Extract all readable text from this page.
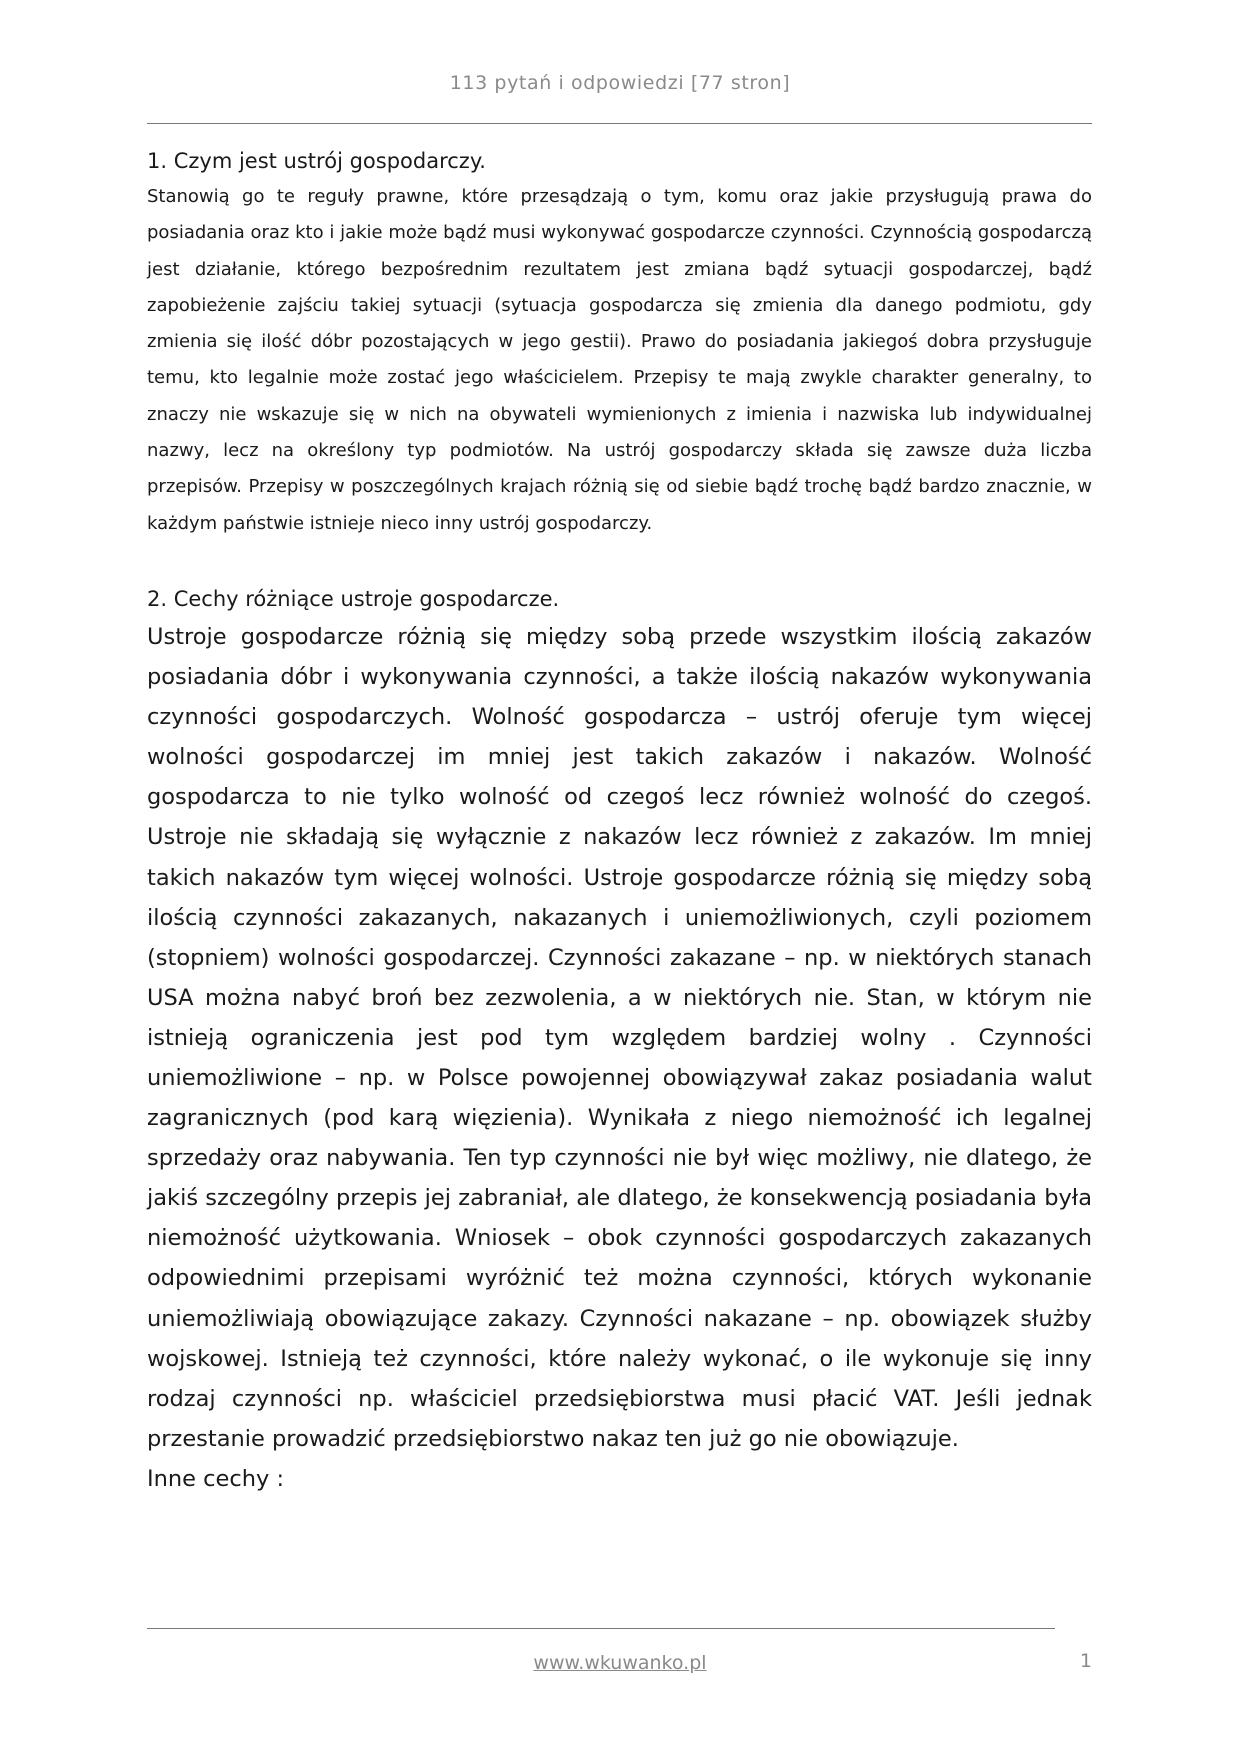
113 pytań i odpowiedzi [77 stron]
1. Czym jest ustrój gospodarczy.

Stanowią go te reguły prawne, które przesądzają o tym, komu oraz jakie przysługują prawa do posiadania oraz kto i jakie może bądź musi wykonywać gospodarcze czynności. Czynnością gospodarczą jest działanie, którego bezpośrednim rezultatem jest zmiana bądź sytuacji gospodarczej, bądź zapobieżenie zajściu takiej sytuacji (sytuacja gospodarcza się zmienia dla danego podmiotu, gdy zmienia się ilość dóbr pozostających w jego gestii). Prawo do posiadania jakiegoś dobra przysługuje temu, kto legalnie może zostać jego właścicielem. Przepisy te mają zwykle charakter generalny, to znaczy nie wskazuje się w nich na obywateli wymienionych z imienia i nazwiska lub indywidualnej nazwy, lecz na określony typ podmiotów. Na ustrój gospodarczy składa się zawsze duża liczba przepisów. Przepisy w poszczególnych krajach różnią się od siebie bądź trochę bądź bardzo znacznie, w każdym państwie istnieje nieco inny ustrój gospodarczy.

2. Cechy różniące ustroje gospodarcze.

Ustroje gospodarcze różnią się między sobą przede wszystkim ilością zakazów posiadania dóbr i wykonywania czynności, a także ilością nakazów wykonywania czynności gospodarczych. Wolność gospodarcza – ustrój oferuje tym więcej wolności gospodarczej im mniej jest takich zakazów i nakazów. Wolność gospodarcza to nie tylko wolność od czegoś lecz również wolność do czegoś. Ustroje nie składają się wyłącznie z nakazów lecz również z zakazów. Im mniej takich nakazów tym więcej wolności. Ustroje gospodarcze różnią się między sobą ilością czynności zakazanych, nakazanych i uniemożliwionych, czyli poziomem (stopniem) wolności gospodarczej. Czynności zakazane – np. w niektórych stanach USA można nabyć broń bez zezwolenia, a w niektórych nie. Stan, w którym nie istnieją ograniczenia jest pod tym względem bardziej wolny . Czynności uniemożliwione – np. w Polsce powojennej obowiązywał zakaz posiadania walut zagranicznych (pod karą więzienia). Wynikała z niego niemożność ich legalnej sprzedaży oraz nabywania. Ten typ czynności nie był więc możliwy, nie dlatego, że jakiś szczególny przepis jej zabraniał, ale dlatego, że konsekwencją posiadania była niemożność użytkowania. Wniosek – obok czynności gospodarczych zakazanych odpowiednimi przepisami wyróżnić też można czynności, których wykonanie uniemożliwiają obowiązujące zakazy. Czynności nakazane – np. obowiązek służby wojskowej. Istnieją też czynności, które należy wykonać, o ile wykonuje się inny rodzaj czynności np. właściciel przedsiębiorstwa musi płacić VAT. Jeśli jednak przestanie prowadzić przedsiębiorstwo nakaz ten już go nie obowiązuje.

Inne cechy :

www.wkuwanko.pl	1
